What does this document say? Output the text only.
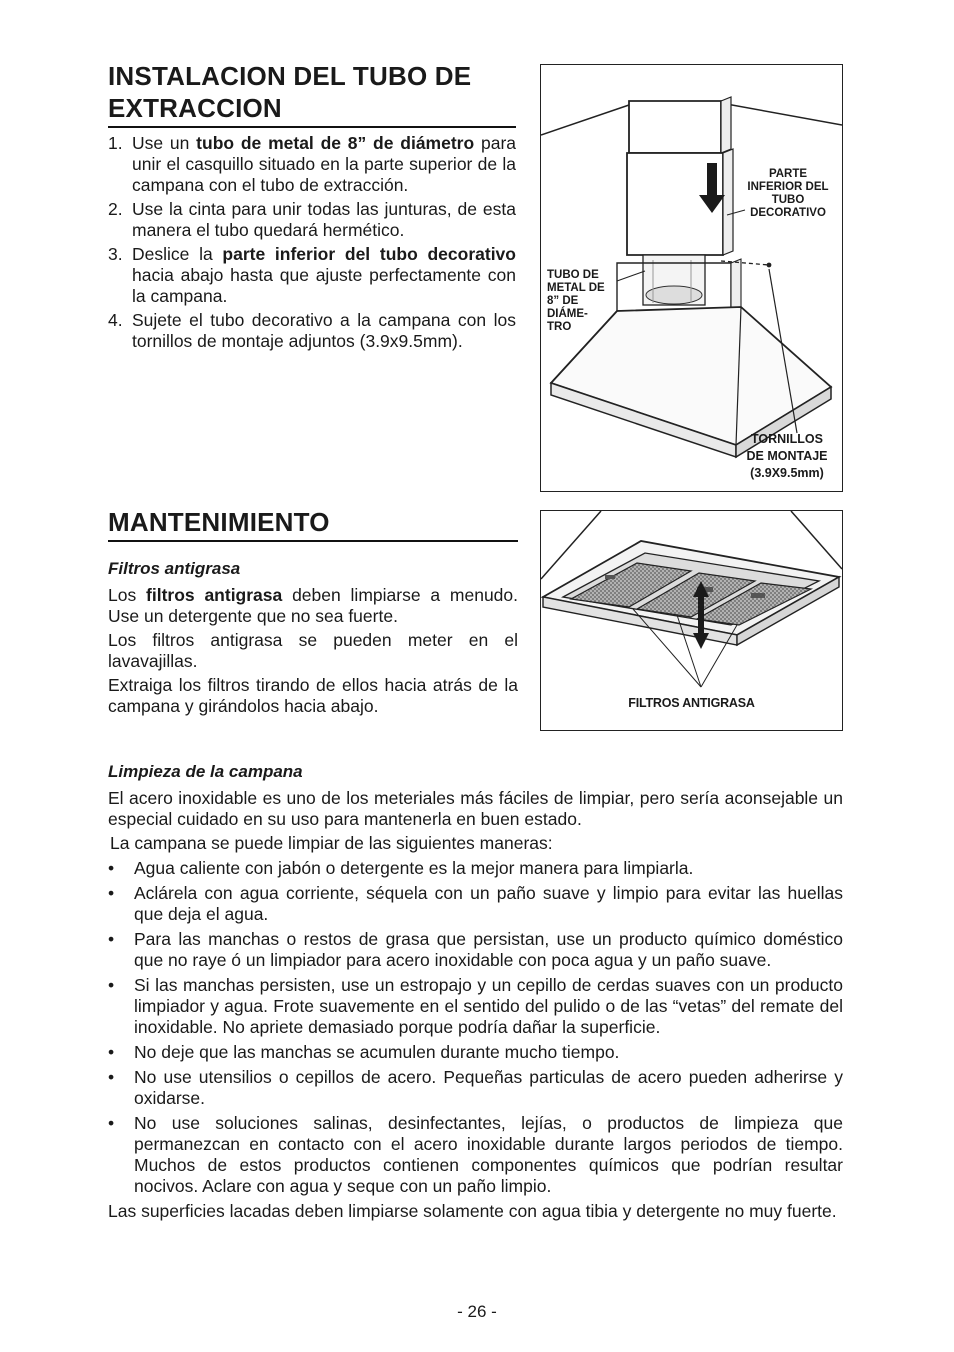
INSTALACION DEL TUBO DE
EXTRACCION
1. Use un tubo de metal de 8” de diámetro para unir el casquillo situado en la parte superior de la campana con el tubo de extracción.
2. Use la cinta para unir todas las junturas, de esta manera el tubo quedará hermético.
3. Deslice la parte inferior del tubo decorativo hacia abajo hasta que ajuste perfectamente con la campana.
4. Sujete el tubo decorativo a la campana con los tornillos de montaje adjuntos (3.9x9.5mm).
PARTE
INFERIOR DEL
TUBO
DECORATIVO
TUBO DE
METAL DE
8” DE
DIÁME-
TRO
TORNILLOS
DE MONTAJE
(3.9X9.5mm)
MANTENIMIENTO
Filtros antigrasa

Los filtros antigrasa deben limpiarse a menudo. Use un detergente que no sea fuerte.

Los filtros antigrasa se pueden meter en el lavavajillas.

Extraiga los filtros tirando de ellos hacia atrás de la campana y girándolos hacia abajo.	FILTROS ANTIGRASA
Limpieza de la campana

El acero inoxidable es uno de los meteriales más fáciles de limpiar, pero sería aconsejable un especial cuidado en su uso para mantenerla en buen estado.

La campana se puede limpiar de las siguientes maneras:

• Agua caliente con jabón o detergente es la mejor manera para limpiarla.
• Aclárela con agua corriente, séquela con un paño suave y limpio para evitar las huellas que deja el agua.
• Para las manchas o restos de grasa que persistan, use un producto químico doméstico que no raye ó un limpiador para acero inoxidable con poca agua y un paño suave.
• Si las manchas persisten, use un estropajo y un cepillo de cerdas suaves con un producto limpiador y agua. Frote suavemente en el sentido del pulido o de las “vetas” del remate del inoxidable. No apriete demasiado porque podría dañar la superficie.
• No deje que las manchas se acumulen durante mucho tiempo.
• No use utensilios o cepillos de acero. Pequeñas particulas de acero pueden adherirse y oxidarse.
• No use soluciones salinas, desinfectantes, lejías, o productos de limpieza que permanezcan en contacto con el acero inoxidable durante largos periodos de tiempo. Muchos de estos productos contienen componentes químicos que podrían resultar nocivos. Aclare con agua y seque con un paño limpio.

Las superficies lacadas deben limpiarse solamente con agua tibia y detergente no muy fuerte.

- 26 -
